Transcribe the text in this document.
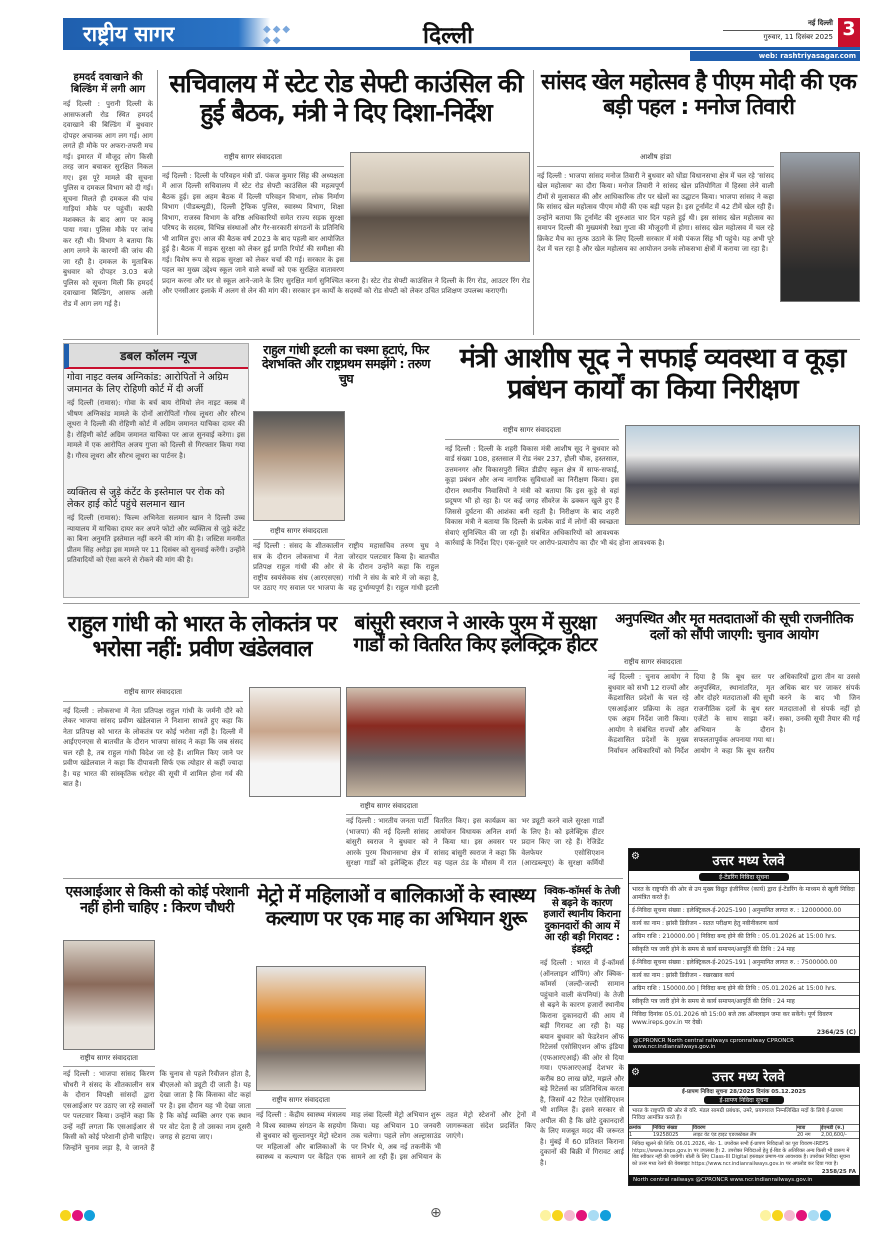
राष्ट्रीय सागर	◆◆◆
◆◆	दिल्ली	नई दिल्ली
गुरुवार, 11 दिसंबर 2025 3
web: rashtriyasagar.com
हमदर्द दवाखाने की बिल्डिंग में लगी आग
नई दिल्ली : पुरानी दिल्ली के आसफअली रोड स्थित हमदर्द दवाखाने की बिल्डिंग में बुधवार दोपहर अचानक आग लग गई। आग लगते ही मौके पर अफरा-तफरी मच गई। इमारत में मौजूद लोग किसी तरह जान बचाकर सुरक्षित निकल गए। इस पूरे मामले की सूचना पुलिस व दमकल विभाग को दी गई। सूचना मिलते ही दमकल की पांच गाड़ियां मौके पर पहुंचीं। काफी मशक्कत के बाद आग पर काबू पाया गया। पुलिस मौके पर जांच कर रही थी। विभाग ने बताया कि आग लगने के कारणों की जांच की जा रही है। दमकल के मुताबिक बुधवार को दोपहर 3.03 बजे पुलिस को सूचना मिली कि हमदर्द दवाखाना बिल्डिंग, आसफ अली रोड में आग लग गई है।
सचिवालय में स्टेट रोड सेफ्टी काउंसिल की हुई बैठक, मंत्री ने दिए दिशा-निर्देश
राष्ट्रीय सागर संवाददाता
नई दिल्ली : दिल्ली के परिवहन मंत्री डॉ. पंकज कुमार सिंह की अध्यक्षता में आज दिल्ली सचिवालय में स्टेट रोड सेफ्टी काउंसिल की महत्वपूर्ण बैठक हुई। इस अहम बैठक में दिल्ली परिवहन विभाग, लोक निर्माण विभाग (पीडब्ल्यूडी), दिल्ली ट्रैफिक पुलिस, स्वास्थ्य विभाग, शिक्षा विभाग, राजस्व विभाग के वरिष्ठ अधिकारियों समेत राज्य सड़क सुरक्षा परिषद के सदस्य, विभिन्न संस्थाओं और गैर-सरकारी संगठनों के प्रतिनिधि भी शामिल हुए। आज की बैठक वर्ष 2023 के बाद पहली बार आयोजित हुई है। बैठक में सड़क सुरक्षा को लेकर हुई प्रगति रिपोर्ट की समीक्षा की गई। विशेष रूप से सड़क सुरक्षा को लेकर चर्चा की गई। सरकार के इस पहल का मुख्य उद्देश्य स्कूल जाने वाले बच्चों को एक सुरक्षित वातावरण प्रदान करना और घर से स्कूल आने-जाने के लिए सुरक्षित मार्ग सुनिश्चित करना है। स्टेट रोड सेफ्टी काउंसिल ने दिल्ली के रिंग रोड, आउटर रिंग रोड और एनसीआर इलाके में अलग से लेन की मांग की। सरकार इन कार्यों के सदस्यों को रोड सेफ्टी को लेकर उचित प्रशिक्षण उपलब्ध कराएगी।
सांसद खेल महोत्सव है पीएम मोदी की एक बड़ी पहल : मनोज तिवारी
आशीष हांडा
नई दिल्ली : भाजपा सांसद मनोज तिवारी ने बुधवार को घोंडा विधानसभा क्षेत्र में चल रहे 'सांसद खेल महोत्सव' का दौरा किया। मनोज तिवारी ने सांसद खेल प्रतियोगिता में हिस्सा लेने वाली टीमों से मुलाकात की और आधिकारिक तौर पर खेलों का उद्घाटन किया। भाजपा सांसद ने कहा कि सांसद खेल महोत्सव पीएम मोदी की एक बड़ी पहल है। इस टूर्नामेंट में 42 टीमें खेल रही हैं। उन्होंने बताया कि टूर्नामेंट की शुरुआत चार दिन पहले हुई थी। इस सांसद खेल महोत्सव का समापन दिल्ली की मुख्यमंत्री रेखा गुप्ता की मौजूदगी में होगा। सांसद खेल महोत्सव में चल रहे क्रिकेट मैच का लुत्फ उठाने के लिए दिल्ली सरकार में मंत्री पंकज सिंह भी पहुंचे। यह अभी पूरे देश में चल रहा है और खेल महोत्सव का आयोजन उनके लोकसभा क्षेत्रों में कराया जा रहा है।
डबल कॉलम न्यूज
गोवा नाइट क्लब अग्निकांड: आरोपितों ने अग्रिम जमानत के लिए रोहिणी कोर्ट में दी अर्जी
नई दिल्ली (रामास): गोवा के बर्च बाय रोमियो लेन नाइट क्लब में भीषण अग्निकांड मामले के दोनों आरोपितों गौरव लूथरा और सौरभ लूथरा ने दिल्ली की रोहिणी कोर्ट में अग्रिम जमानत याचिका दायर की है। रोहिणी कोर्ट अग्रिम जमानत याचिका पर आज सुनवाई करेगा। इस मामले में एक आरोपित अजय गुप्ता को दिल्ली से गिरफ्तार किया गया है। गौरव लूथरा और सौरभ लूथरा का पार्टनर है।
व्यक्तित्व से जुड़े कंटेंट के इस्तेमाल पर रोक को लेकर हाई कोर्ट पहुंचे सलमान खान
नई दिल्ली (रामास): फिल्म अभिनेता सलमान खान ने दिल्ली उच्च न्यायालय में याचिका दायर कर अपने फोटो और व्यक्तित्व से जुड़े कंटेंट का बिना अनुमति इस्तेमाल नहीं करने की मांग की है। जस्टिस मनमीत प्रीतम सिंह अरोड़ा इस मामले पर 11 दिसंबर को सुनवाई करेंगी। उन्होंने प्रतिवादियों को ऐसा करने से रोकने की मांग की है।
राहुल गांधी इटली का चश्मा हटाएं, फिर देशभक्ति और राष्ट्रप्रथम समझेंगे : तरुण चुघ
राष्ट्रीय सागर संवाददाता
नई दिल्ली : संसद के शीतकालीन सत्र के दौरान लोकसभा में नेता प्रतिपक्ष राहुल गांधी की ओर से राष्ट्रीय स्वयंसेवक संघ (आरएसएस) पर उठाए गए सवाल पर भाजपा के राष्ट्रीय महासचिव तरुण चुघ ने जोरदार पलटवार किया है। बातचीत के दौरान उन्होंने कहा कि राहुल गांधी ने संघ के बारे में जो कहा है, वह दुर्भाग्यपूर्ण है। राहुल गांधी इटली
मंत्री आशीष सूद ने सफाई व्यवस्था व कूड़ा प्रबंधन कार्यों का किया निरीक्षण
राष्ट्रीय सागर संवाददाता
नई दिल्ली : दिल्ली के शहरी विकास मंत्री आशीष सूद ने बुधवार को वार्ड संख्या 108, हस्तसाल में रोड नंबर 237, हौली चौक, हस्तसाल, उत्तमनगर और विकासपुरी स्थित डीडीए स्कूल क्षेत्र में साफ-सफाई, कूड़ा प्रबंधन और अन्य नागरिक सुविधाओं का निरीक्षण किया। इस दौरान स्थानीय निवासियों ने मंत्री को बताया कि इस कूड़े से वहां प्रदूषण भी हो रहा है। पर कई जगह सीवरेज के ढक्कन खुले हुए हैं जिससे दुर्घटना की आशंका बनी रहती है। निरीक्षण के बाद शहरी विकास मंत्री ने बताया कि दिल्ली के प्रत्येक वार्ड में लोगों की स्वच्छता सेवाएं सुनिश्चित की जा रही हैं। संबंधित अधिकारियों को आवश्यक कार्रवाई के निर्देश दिए। एक-दूसरे पर आरोप-प्रत्यारोप का दौर भी बंद होना आवश्यक है।
राहुल गांधी को भारत के लोकतंत्र पर भरोसा नहीं: प्रवीण खंडेलवाल
राष्ट्रीय सागर संवाददाता
नई दिल्ली : लोकसभा में नेता प्रतिपक्ष राहुल गांधी के जर्मनी दौरे को लेकर भाजपा सांसद प्रवीण खंडेलवाल ने निशाना साधते हुए कहा कि नेता प्रतिपक्ष को भारत के लोकतंत्र पर कोई भरोसा नहीं है। दिल्ली में आईएएनएस से बातचीत के दौरान भाजपा सांसद ने कहा कि जब संसद चल रही है, तब राहुल गांधी विदेश जा रहे हैं। शामिल किए जाने पर प्रवीण खंडेलवाल ने कहा कि दीपावली सिर्फ एक त्योहार से कहीं ज्यादा है। यह भारत की सांस्कृतिक धरोहर की सूची में शामिल होना गर्व की बात है।
बांसुरी स्वराज ने आरके पुरम में सुरक्षा गार्डों को वितरित किए इलेक्ट्रिक हीटर
राष्ट्रीय सागर संवाददाता
नई दिल्ली : भारतीय जनता पार्टी (भाजपा) की नई दिल्ली सांसद बांसुरी स्वराज ने बुधवार को आरके पुरम विधानसभा क्षेत्र में सुरक्षा गार्डों को इलेक्ट्रिक हीटर वितरित किए। इस कार्यक्रम का आयोजन विधायक अनिल शर्मा ने किया था। इस अवसर पर सांसद बांसुरी स्वराज ने कहा कि यह पहल ठंड के मौसम में रात भर ड्यूटी करने वाले सुरक्षा गार्डों के लिए है। को इलेक्ट्रिक हीटर प्रदान किए जा रहे हैं। रेजिडेंट वेलफेयर एसोसिएशन (आरडब्ल्यूए) के सुरक्षा कर्मियों
अनुपस्थित और मृत मतदाताओं की सूची राजनीतिक दलों को सौंपी जाएगी: चुनाव आयोग
राष्ट्रीय सागर संवाददाता
नई दिल्ली : चुनाव आयोग ने बुधवार को सभी 12 राज्यों और केंद्रशासित प्रदेशों के चल रहे एसआईआर प्रक्रिया के तहत एक अहम निर्देश जारी किया। आयोग ने संबंधित राज्यों और केंद्रशासित प्रदेशों के मुख्य निर्वाचन अधिकारियों को निर्देश दिया है कि बूथ स्तर पर अनुपस्थित, स्थानांतरित, मृत और दोहरे मतदाताओं की सूची राजनीतिक दलों के बूथ स्तर एजेंटों के साथ साझा करें। अभियान के दौरान सफलतापूर्वक अपनाया गया था। आयोग ने कहा कि बूथ स्तरीय अधिकारियों द्वारा तीन या उससे अधिक बार घर जाकर संपर्क करने के बाद भी जिन मतदाताओं से संपर्क नहीं हो सका, उनकी सूची तैयार की गई है।
⚙	उत्तर मध्य रेलवे
ई-टेंडरिंग निविदा सूचना
भारत के राष्ट्रपति की ओर से उप मुख्य विद्युत इंजीनियर (कार्य) द्वारा ई-टेंडरिंग के माध्यम से खुली निविदा आमंत्रित करते हैं।
ई-निविदा सूचना संख्या : इलेक्ट्रिकल-ई-2025-190 | अनुमानित लागत रु. : 12000000.00
कार्य का नाम : झांसी डिवीजन - सतत परीक्षण हेतु नवीनीकरण कार्य
अग्रिम राशि : 210000.00 | निविदा बन्द होने की तिथि : 05.01.2026 at 15:00 hrs.
स्वीकृति पत्र जारी होने के समय से कार्य समापन/आपूर्ति की तिथि : 24 माह
ई-निविदा सूचना संख्या : इलेक्ट्रिकल-ई-2025-191 | अनुमानित लागत रु. : 7500000.00
कार्य का नाम : झांसी डिवीजन - रखरखाव कार्य
अग्रिम राशि : 150000.00 | निविदा बन्द होने की तिथि : 05.01.2026 at 15:00 hrs.
स्वीकृति पत्र जारी होने के समय से कार्य समापन/आपूर्ति की तिथि : 24 माह
निविदा दिनांक 05.01.2026 को 15:00 बजे तक ऑनलाइन जमा कर सकेंगे। पूर्ण विवरण www.ireps.gov.in पर देखें।
2364/25 (C)
@CPRONCR North central railways cpronrailway CPRONCR www.ncr.indianrailways.gov.in
⚙	उत्तर मध्य रेलवे
ई-प्रापण निविदा सूचना 28/2025 दिनांक 05.12.2025
ई-प्रापण निविदा सूचना
भारत के राष्ट्रपति की ओर से वरि. मंडल सामग्री प्रबंधक, उमरे, प्रयागराज निम्नलिखित मदों के लिये ई-प्रापण निविदा आमंत्रित करते हैं।
क्रमांक	निविदा संख्या	विवरण	मात्रा	ईएमडी (रु.)
1	19258025	लाइट वेट एंड हाइट एडजस्टेबल लैंप	20 नग	2,00,600/-
निविदा खुलने की तिथि: 06.01.2026, नोट- 1. उपरोक्त सभी ई-प्रापण निविदाओं का पूरा विवरण-IREPS https://www.ireps.gov.in पर उपलब्ध है। 2. उपरोक्त निविदाओं हेतु ई-बिड के अतिरिक्त अन्य किसी भी प्रारूप में बिड स्वीकार नहीं की जायेगी। बोली के लिए Class-III Digital हस्ताक्षर प्रमाण-पत्र आवश्यक है। उपरोक्त निविदा सूचना को उत्तर मध्य रेलवे की वेबसाइट https://www.ncr.indianrailways.gov.in पर अपलोड कर दिया गया है।
2358/25 FA
North central railways @CPRONCR www.ncr.indianrailways.gov.in
एसआईआर से किसी को कोई परेशानी नहीं होनी चाहिए : किरण चौधरी
राष्ट्रीय सागर संवाददाता
नई दिल्ली : भाजपा सांसद किरण चौधरी ने संसद के शीतकालीन सत्र के दौरान विपक्षी सांसदों द्वारा एसआईआर पर उठाए जा रहे सवालों पर पलटवार किया। उन्होंने कहा कि उन्हें नहीं लगता कि एसआईआर से किसी को कोई परेशानी होनी चाहिए। जिन्होंने चुनाव लड़ा है, वे जानते हैं कि चुनाव से पहले रिवीजन होता है, बीएलओ को ड्यूटी दी जाती है। यह देखा जाता है कि किसका वोट कहां पर है। इस दौरान यह भी देखा जाता है कि कोई व्यक्ति अगर एक स्थान पर वोट देता है तो उसका नाम दूसरी जगह से हटाया जाए।
मेट्रो में महिलाओं व बालिकाओं के स्वास्थ्य कल्याण पर एक माह का अभियान शुरू
राष्ट्रीय सागर संवाददाता
नई दिल्ली : केंद्रीय स्वास्थ्य मंत्रालय ने विश्व स्वास्थ्य संगठन के सहयोग से बुधवार को सुल्तानपुर मेट्रो स्टेशन पर महिलाओं और बालिकाओं के स्वास्थ्य व कल्याण पर केंद्रित एक माह लंबा दिल्ली मेट्रो अभियान शुरू किया। यह अभियान 10 जनवरी तक चलेगा। पहले लोग अल्ट्रासाउंड पर निर्भर थे, अब नई तकनीकें भी सामने आ रही हैं। इस अभियान के तहत मेट्रो स्टेशनों और ट्रेनों में जागरूकता संदेश प्रदर्शित किए जाएंगे।
क्विक-कॉमर्स के तेजी से बढ़ने के कारण हजारों स्थानीय किराना दुकानदारों की आय में आ रही बड़ी गिरावट : इंडस्ट्री
नई दिल्ली : भारत में ई-कॉमर्स (ऑनलाइन शॉपिंग) और क्विक-कॉमर्स (जल्दी-जल्दी सामान पहुंचाने वाली कंपनियां) के तेजी से बढ़ने के कारण हजारों स्थानीय किराना दुकानदारों की आय में बड़ी गिरावट आ रही है। यह बयान बुधवार को फेडरेशन ऑफ रिटेलर्स एसोसिएशन ऑफ इंडिया (एफआरएआई) की ओर से दिया गया। एफआरएआई देशभर के करीब 80 लाख छोटे, मझले और बड़े रिटेलर्स का प्रतिनिधित्व करता है, जिसमें 42 रिटेल एसोसिएशन भी शामिल हैं। इसने सरकार से अपील की है कि छोटे दुकानदारों के लिए मजबूत मदद की जरूरत है। मुंबई में 60 प्रतिशत किराना दुकानों की बिक्री में गिरावट आई है।
⊕
